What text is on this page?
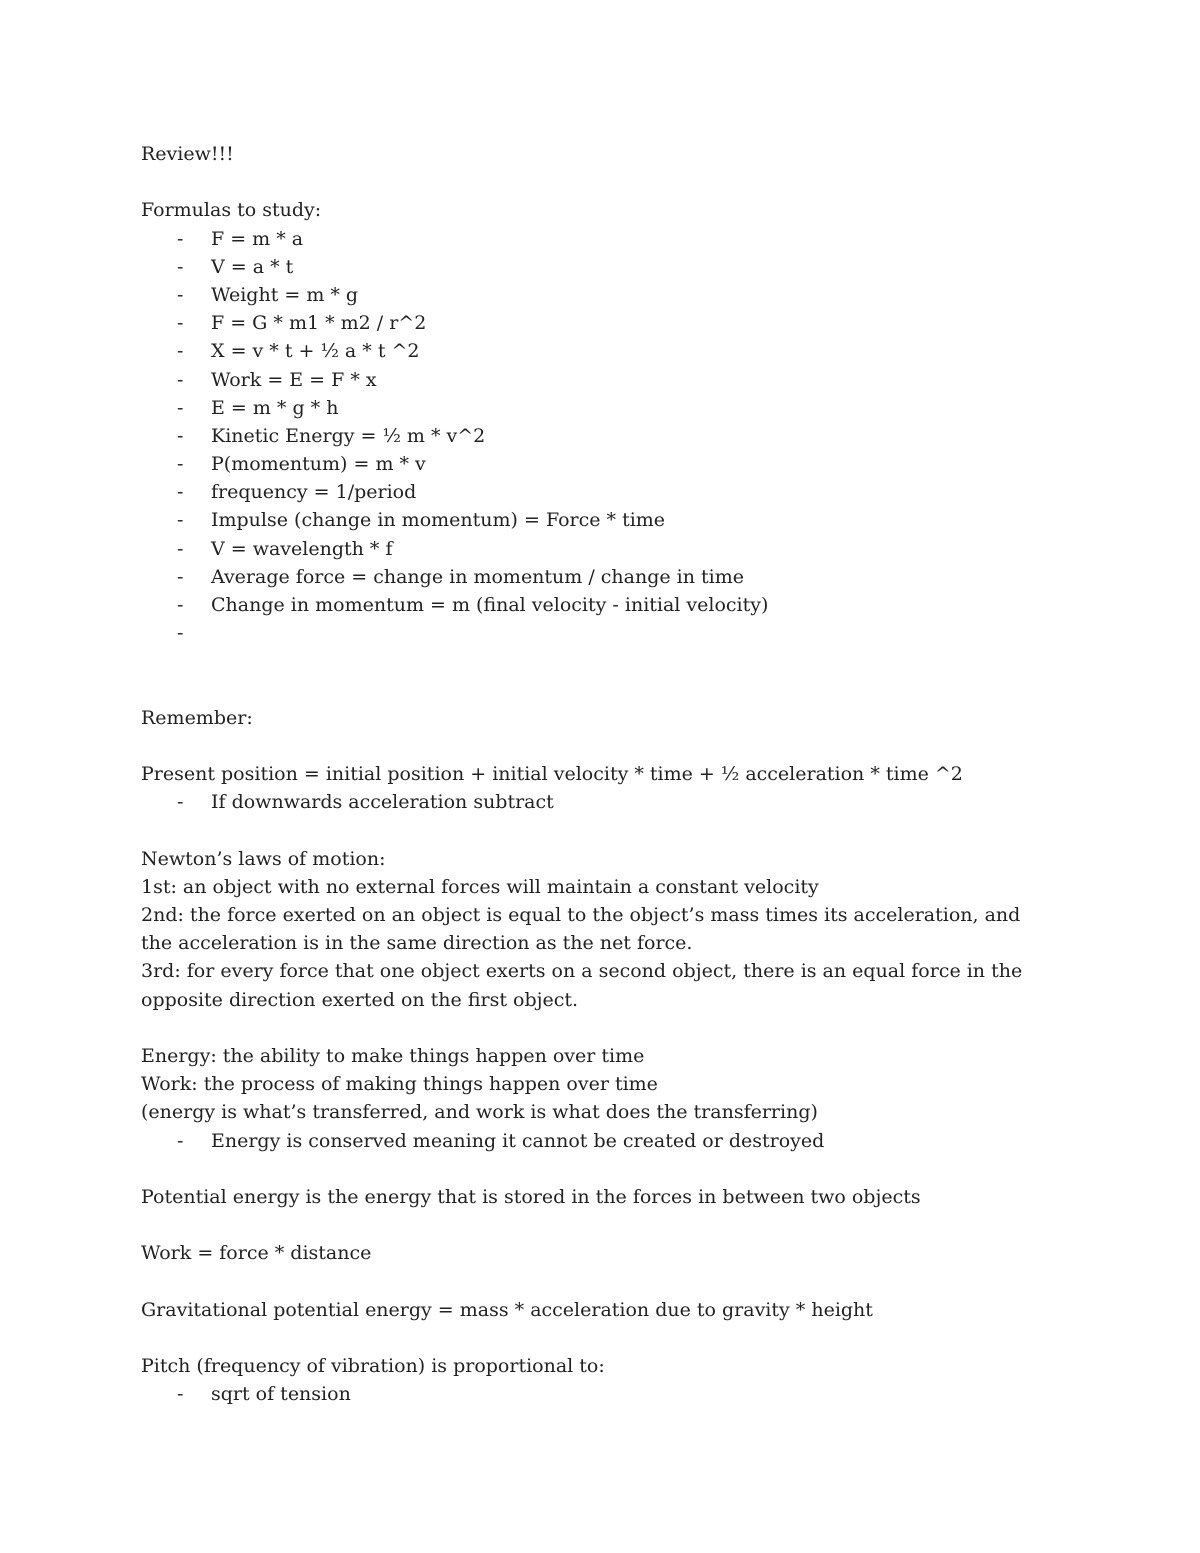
Review!!!
Formulas to study:
- F = m * a
- V = a * t
- Weight = m * g
- F = G * m1 * m2 / r^2
- X = v * t + ½ a * t ^2
- Work = E = F * x
- E = m * g * h
- Kinetic Energy = ½ m * v^2
- P(momentum) = m * v
- frequency = 1/period
- Impulse (change in momentum) = Force * time
- V = wavelength * f
- Average force = change in momentum / change in time
- Change in momentum = m (final velocity - initial velocity)
-
Remember:
Present position = initial position + initial velocity * time + ½ acceleration * time ^2
- If downwards acceleration subtract
Newton’s laws of motion:
1st: an object with no external forces will maintain a constant velocity
2nd: the force exerted on an object is equal to the object’s mass times its acceleration, and the acceleration is in the same direction as the net force.
3rd: for every force that one object exerts on a second object, there is an equal force in the opposite direction exerted on the first object.
Energy: the ability to make things happen over time
Work: the process of making things happen over time
(energy is what’s transferred, and work is what does the transferring)
- Energy is conserved meaning it cannot be created or destroyed
Potential energy is the energy that is stored in the forces in between two objects
Work = force * distance
Gravitational potential energy = mass * acceleration due to gravity * height
Pitch (frequency of vibration) is proportional to:
- sqrt of tension
